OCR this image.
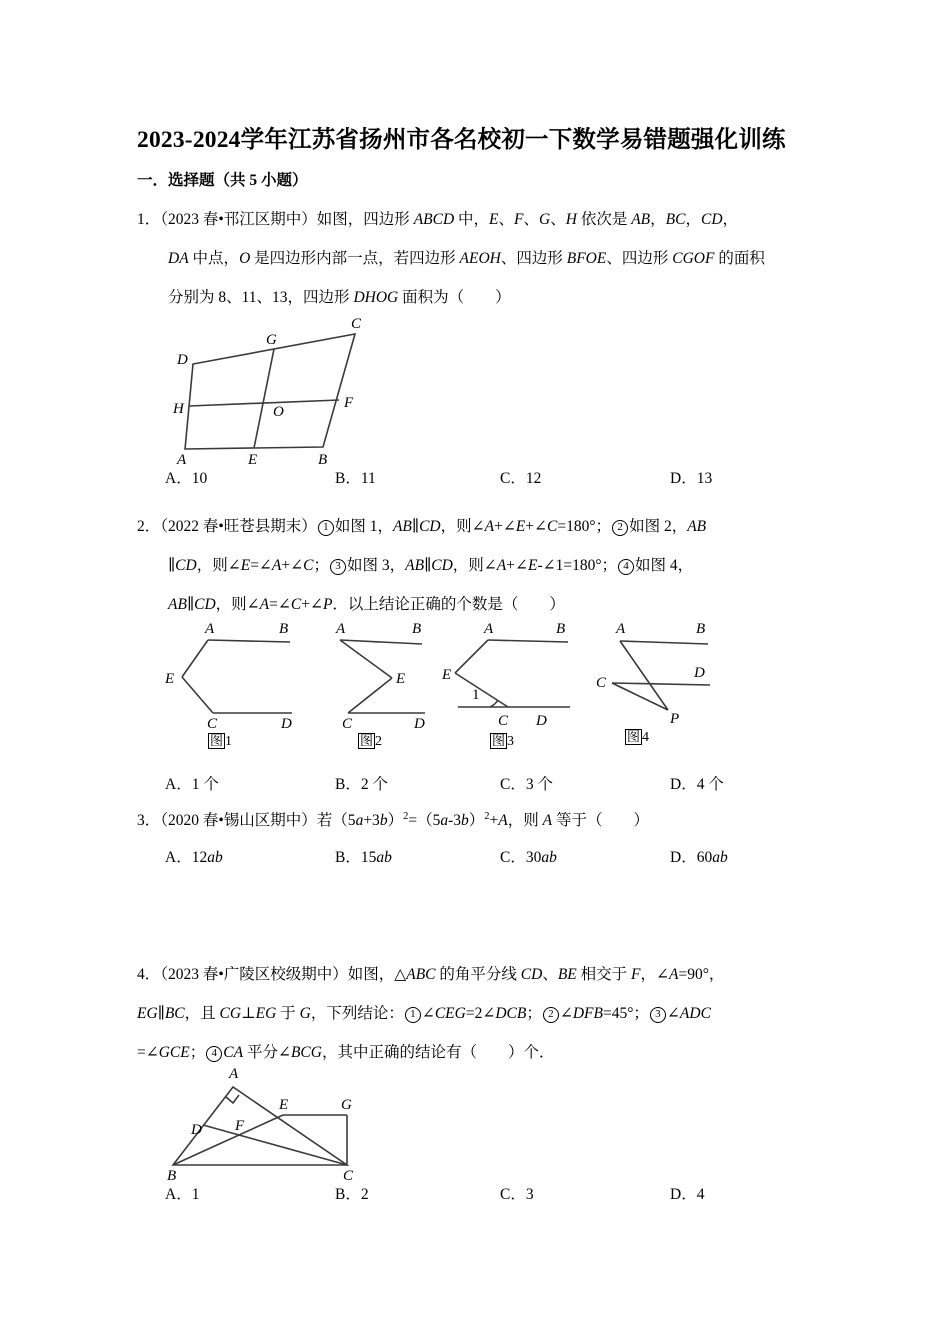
2023-2024学年江苏省扬州市各名校初一下数学易错题强化训练
一．选择题（共 5 小题）
1．（2023 春•邗江区期中）如图，四边形 ABCD 中，E、F、G、H 依次是 AB，BC，CD，
DA 中点，O 是四边形内部一点，若四边形 AEOH、四边形 BFOE、四边形 CGOF 的面积
分别为 8、11、13，四边形 DHOG 面积为（　　）
A	B
C
D
E
F
G
H	O
A．10	B．11	C．12	D．13
2．（2022 春•旺苍县期末） 1 如图 1，AB∥CD，则∠A+∠E+∠C=180°； 2 如图 2，AB
∥CD，则∠E=∠A+∠C； 3 如图 3，AB∥CD，则∠A+∠E‑∠1=180°； 4 如图 4，
AB∥CD，则∠A=∠C+∠P．以上结论正确的个数是（　　）
A	B
C	D
E
图 1
A	B
C	D
E
图 2
A	B
C D
E
1
图 3
A	B
C
D
P
图 4
A．1 个	B．2 个	C．3 个	D．4 个
3．（2020 春•锡山区期中）若$(5a+3b)^2=(5a‑3b)^2+A$，则 A 等于（　　）
A．12ab	B．15ab	C．30ab	D．60ab
4．（2023 春•广陵区校级期中）如图，△ABC 的角平分线 CD、BE 相交于 F，∠A=90°，
EG∥BC，且 CG⊥EG 于 G，下列结论： 1 ∠CEG=2∠DCB； 2 ∠DFB=45°； 3 ∠ADC
=∠GCE； 4 CA 平分∠BCG，其中正确的结论有（　　）个．
A
B	C
D
E
F
G
A．1	B．2	C．3	D．4
